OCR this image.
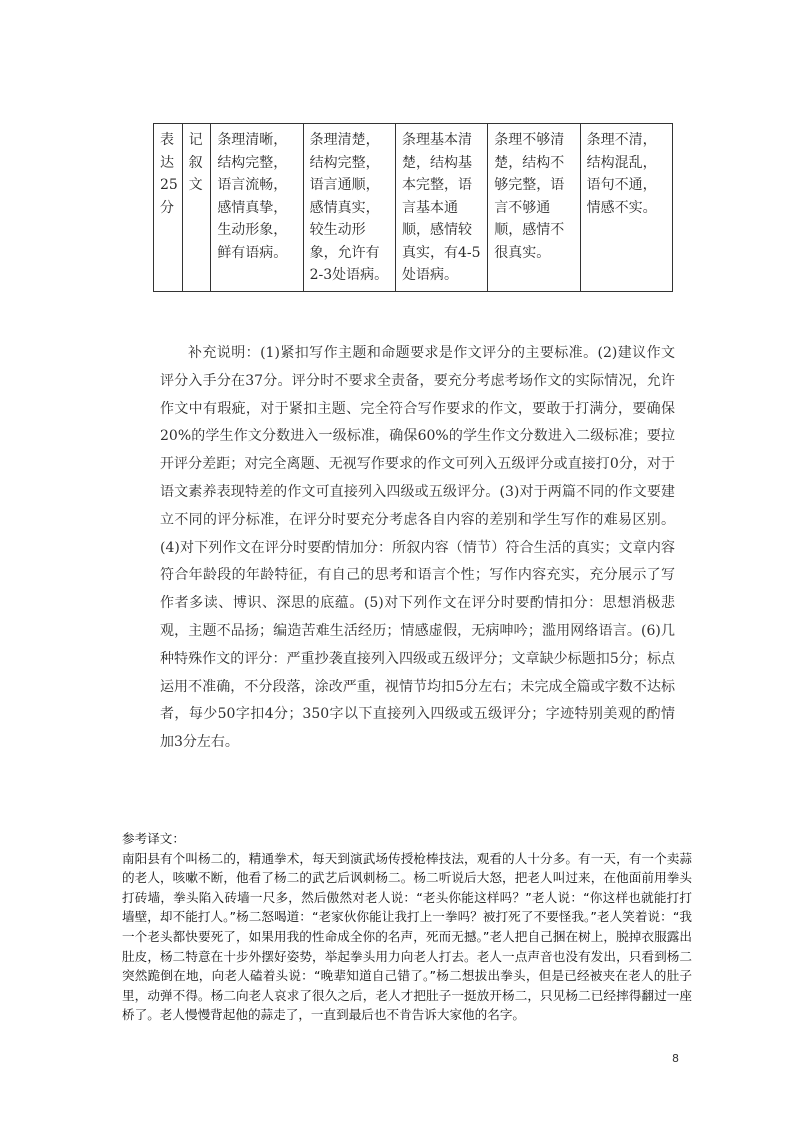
表达25分	记叙文	条理清晰，结构完整，语言流畅，感情真挚，生动形象，鲜有语病。	条理清楚，结构完整，语言通顺，感情真实，较生动形象，允许有2-3处语病。	条理基本清楚，结构基本完整，语言基本通顺，感情较真实，有4-5处语病。	条理不够清楚，结构不够完整，语言不够通顺，感情不很真实。	条理不清，结构混乱，语句不通，情感不实。
补充说明：(1)紧扣写作主题和命题要求是作文评分的主要标准。(2)建议作文评分入手分在37分。评分时不要求全责备，要充分考虑考场作文的实际情况，允许作文中有瑕疵，对于紧扣主题、完全符合写作要求的作文，要敢于打满分，要确保20%的学生作文分数进入一级标准，确保60%的学生作文分数进入二级标准；要拉开评分差距；对完全离题、无视写作要求的作文可列入五级评分或直接打0分，对于语文素养表现特差的作文可直接列入四级或五级评分。(3)对于两篇不同的作文要建立不同的评分标准，在评分时要充分考虑各自内容的差别和学生写作的难易区别。(4)对下列作文在评分时要酌情加分：所叙内容（情节）符合生活的真实；文章内容符合年龄段的年龄特征，有自己的思考和语言个性；写作内容充实，充分展示了写作者多读、博识、深思的底蕴。(5)对下列作文在评分时要酌情扣分：思想消极悲观，主题不品扬；编造苦难生活经历；情感虚假，无病呻吟；滥用网络语言。(6)几种特殊作文的评分：严重抄袭直接列入四级或五级评分；文章缺少标题扣5分；标点运用不准确，不分段落，涂改严重，视情节均扣5分左右；未完成全篇或字数不达标者，每少50字扣4分；350字以下直接列入四级或五级评分；字迹特别美观的酌情加3分左右。

参考译文：

南阳县有个叫杨二的，精通拳术，每天到演武场传授枪棒技法，观看的人十分多。有一天，有一个卖蒜的老人，咳嗽不断，他看了杨二的武艺后讽刺杨二。杨二听说后大怒，把老人叫过来，在他面前用拳头打砖墙，拳头陷入砖墙一尺多，然后傲然对老人说：“老头你能这样吗？”老人说：“你这样也就能打打墙壁，却不能打人。”杨二怒喝道：“老家伙你能让我打上一拳吗？被打死了不要怪我。”老人笑着说：“我一个老头都快要死了，如果用我的性命成全你的名声，死而无撼。”老人把自己捆在树上，脱掉衣服露出肚皮，杨二特意在十步外摆好姿势，举起拳头用力向老人打去。老人一点声音也没有发出，只看到杨二突然跪倒在地，向老人磕着头说：“晚辈知道自己错了。”杨二想拔出拳头，但是已经被夹在老人的肚子里，动弹不得。杨二向老人哀求了很久之后，老人才把肚子一挺放开杨二，只见杨二已经摔得翻过一座桥了。老人慢慢背起他的蒜走了，一直到最后也不肯告诉大家他的名字。

8
